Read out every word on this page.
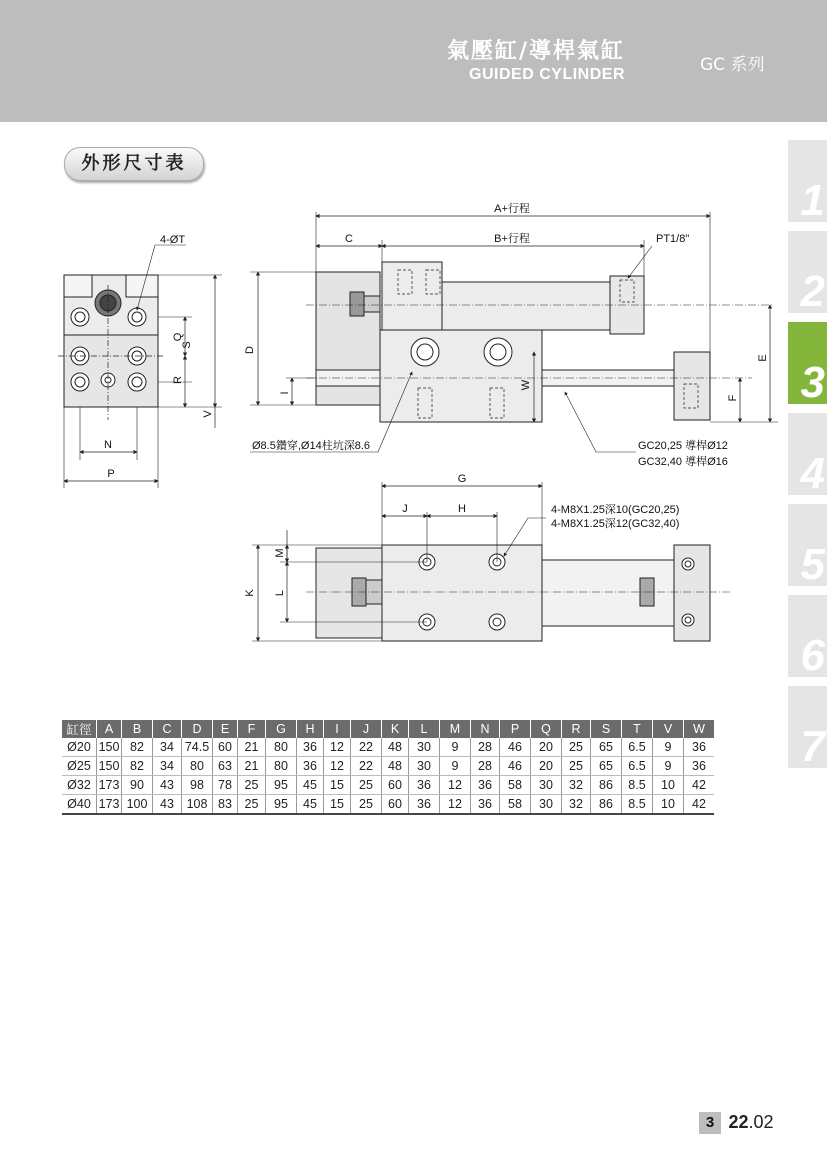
氣壓缸/導桿氣缸
GUIDED CYLINDER	GC 系列
外形尺寸表
1
2
3
4
5
6
7
4-ØT
S
Q
R
V
N
P
A+行程
B+行程
C	PT1/8"
D
I
W
E
F
Ø8.5鑽穿,Ø14柱坑深8.6	GC20,25 導桿Ø12
GC32,40 導桿Ø16
G
J	H	4-M8X1.25深10(GC20,25)
4-M8X1.25深12(GC32,40)
K L
M
缸徑	A	B	C	D	E	F	G	H	I	J	K	L	M	N	P	Q	R	S	T	V	W
Ø20	150	82	34	74.5	60	21	80	36	12	22	48	30	9	28	46	20	25	65	6.5	9	36
Ø25	150	82	34	80	63	21	80	36	12	22	48	30	9	28	46	20	25	65	6.5	9	36
Ø32	173	90	43	98	78	25	95	45	15	25	60	36	12	36	58	30	32	86	8.5	10	42
Ø40	173	100	43	108	83	25	95	45	15	25	60	36	12	36	58	30	32	86	8.5	10	42
3 22.02
